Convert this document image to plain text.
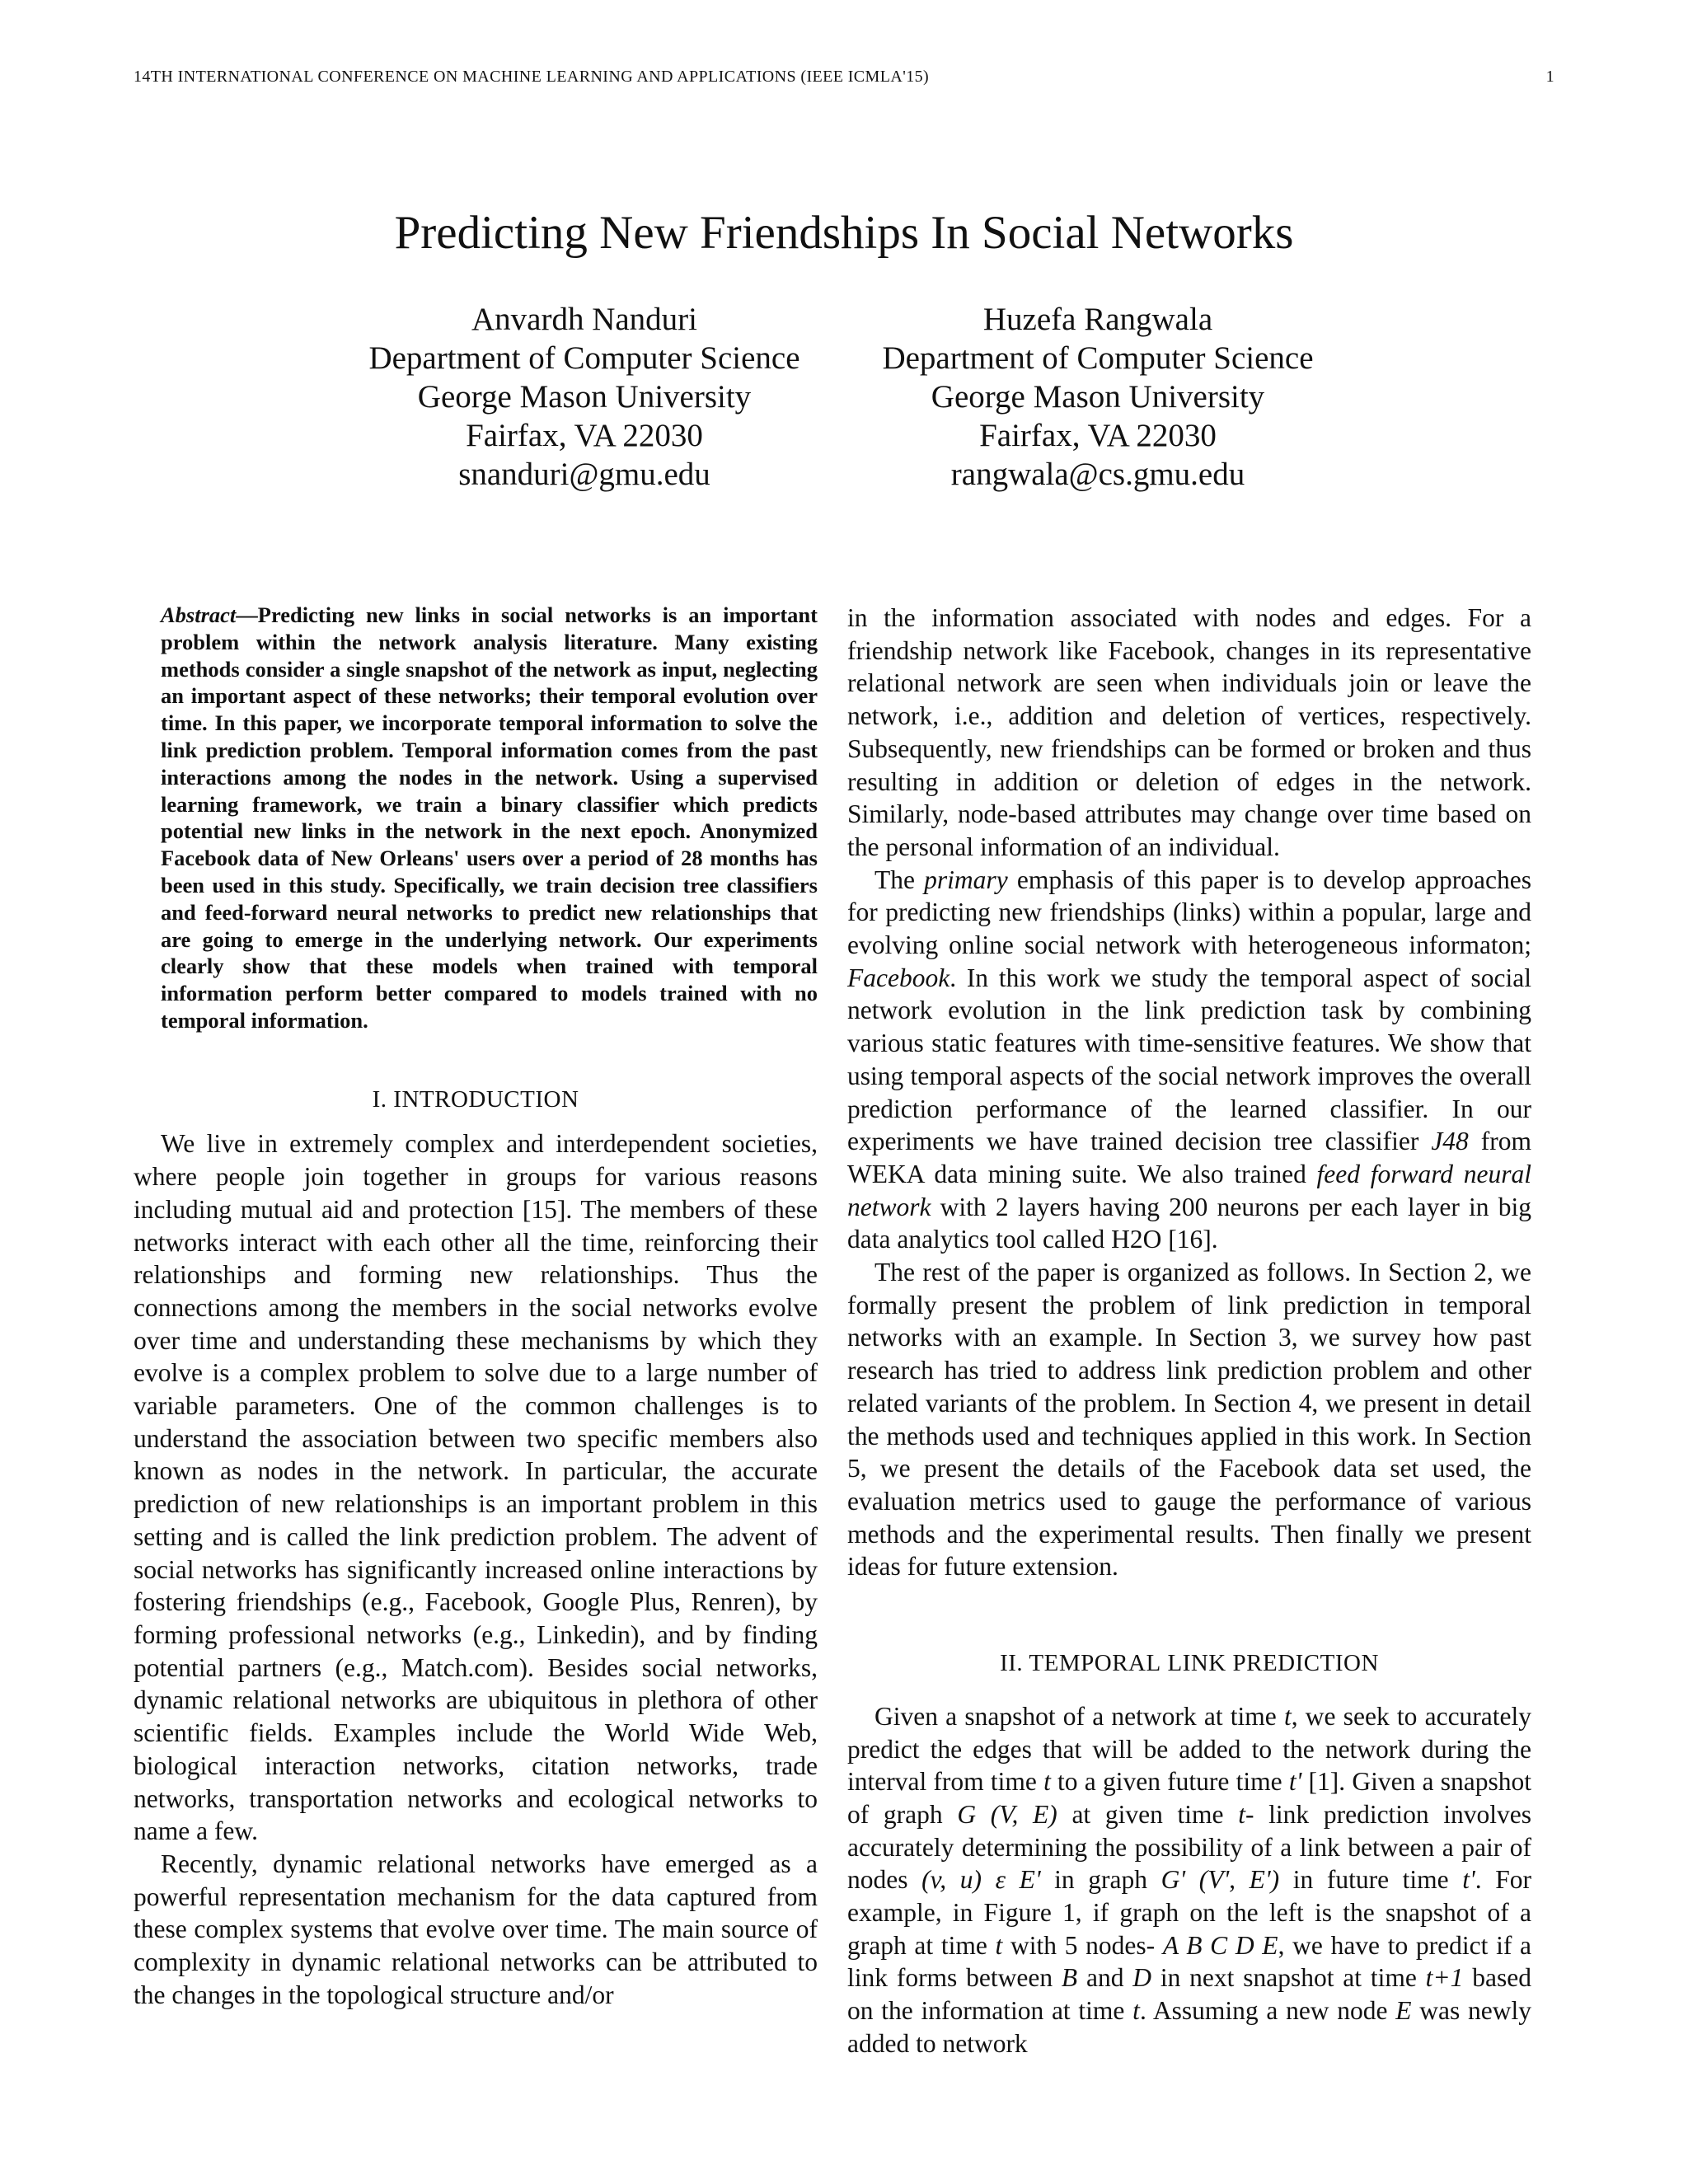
14TH INTERNATIONAL CONFERENCE ON MACHINE LEARNING AND APPLICATIONS (IEEE ICMLA'15)	1
Predicting New Friendships In Social Networks
Anvardh Nanduri
Department of Computer Science
George Mason University
Fairfax, VA 22030
snanduri@gmu.edu
Huzefa Rangwala
Department of Computer Science
George Mason University
Fairfax, VA 22030
rangwala@cs.gmu.edu

Abstract—Predicting new links in social networks is an important problem within the network analysis literature. Many existing methods consider a single snapshot of the network as input, neglecting an important aspect of these networks; their temporal evolution over time. In this paper, we incorporate temporal information to solve the link prediction problem. Temporal information comes from the past interactions among the nodes in the network. Using a supervised learning framework, we train a binary classifier which predicts potential new links in the network in the next epoch. Anonymized Facebook data of New Orleans' users over a period of 28 months has been used in this study. Specifically, we train decision tree classifiers and feed-forward neural networks to predict new relationships that are going to emerge in the underlying network. Our experiments clearly show that these models when trained with temporal information perform better compared to models trained with no temporal information.

I. INTRODUCTION

We live in extremely complex and interdependent societies, where people join together in groups for various reasons including mutual aid and protection [15]. The members of these networks interact with each other all the time, reinforcing their relationships and forming new relationships. Thus the connections among the members in the social networks evolve over time and understanding these mechanisms by which they evolve is a complex problem to solve due to a large number of variable parameters. One of the common challenges is to understand the association between two specific members also known as nodes in the network. In particular, the accurate prediction of new relationships is an important problem in this setting and is called the link prediction problem. The advent of social networks has significantly increased online interactions by fostering friendships (e.g., Facebook, Google Plus, Renren), by forming professional networks (e.g., Linkedin), and by finding potential partners (e.g., Match.com). Besides social networks, dynamic relational networks are ubiquitous in plethora of other scientific fields. Examples include the World Wide Web, biological interaction networks, citation networks, trade networks, transportation networks and ecological networks to name a few.

Recently, dynamic relational networks have emerged as a powerful representation mechanism for the data captured from these complex systems that evolve over time. The main source of complexity in dynamic relational networks can be attributed to the changes in the topological structure and/or

in the information associated with nodes and edges. For a friendship network like Facebook, changes in its representative relational network are seen when individuals join or leave the network, i.e., addition and deletion of vertices, respectively. Subsequently, new friendships can be formed or broken and thus resulting in addition or deletion of edges in the network. Similarly, node-based attributes may change over time based on the personal information of an individual.

The primary emphasis of this paper is to develop approaches for predicting new friendships (links) within a popular, large and evolving online social network with heterogeneous informaton; Facebook. In this work we study the temporal aspect of social network evolution in the link prediction task by combining various static features with time-sensitive features. We show that using temporal aspects of the social network improves the overall prediction performance of the learned classifier. In our experiments we have trained decision tree classifier J48 from WEKA data mining suite. We also trained feed forward neural network with 2 layers having 200 neurons per each layer in big data analytics tool called H2O [16].

The rest of the paper is organized as follows. In Section 2, we formally present the problem of link prediction in temporal networks with an example. In Section 3, we survey how past research has tried to address link prediction problem and other related variants of the problem. In Section 4, we present in detail the methods used and techniques applied in this work. In Section 5, we present the details of the Facebook data set used, the evaluation metrics used to gauge the performance of various methods and the experimental results. Then finally we present ideas for future extension.

II. TEMPORAL LINK PREDICTION

Given a snapshot of a network at time t, we seek to accurately predict the edges that will be added to the network during the interval from time t to a given future time t' [1]. Given a snapshot of graph G (V, E) at given time t- link prediction involves accurately determining the possibility of a link between a pair of nodes (v, u) ε E' in graph G' (V', E') in future time t'. For example, in Figure 1, if graph on the left is the snapshot of a graph at time t with 5 nodes- A B C D E, we have to predict if a link forms between B and D in next snapshot at time t+1 based on the information at time t. Assuming a new node E was newly added to network
